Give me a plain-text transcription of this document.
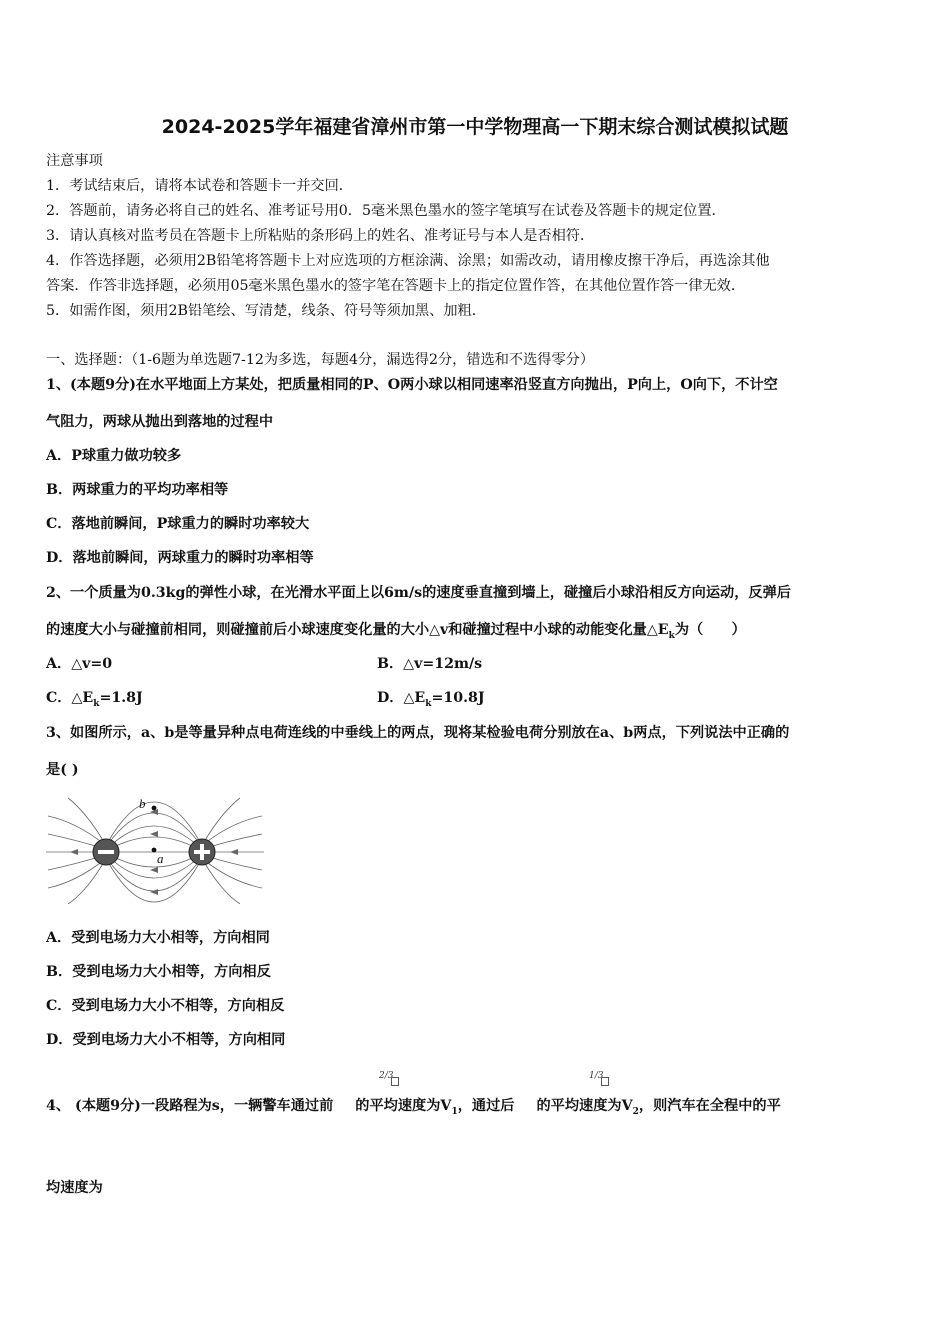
2024-2025学年福建省漳州市第一中学物理高一下期末综合测试模拟试题
注意事项
1．考试结束后，请将本试卷和答题卡一并交回．
2．答题前，请务必将自己的姓名、准考证号用0．5毫米黑色墨水的签字笔填写在试卷及答题卡的规定位置．
3．请认真核对监考员在答题卡上所粘贴的条形码上的姓名、准考证号与本人是否相符．
4．作答选择题，必须用2B铅笔将答题卡上对应选项的方框涂满、涂黑；如需改动，请用橡皮擦干净后，再选涂其他
答案．作答非选择题，必须用05毫米黑色墨水的签字笔在答题卡上的指定位置作答，在其他位置作答一律无效．
5．如需作图，须用2B铅笔绘、写清楚，线条、符号等须加黑、加粗．
一、选择题：（1-6题为单选题7-12为多选，每题4分，漏选得2分，错选和不选得零分）
1、(本题9分)在水平地面上方某处，把质量相同的P、O两小球以相同速率沿竖直方向抛出，P向上，O向下，不计空
气阻力，两球从抛出到落地的过程中
A．P球重力做功较多
B．两球重力的平均功率相等
C．落地前瞬间，P球重力的瞬时功率较大
D．落地前瞬间，两球重力的瞬时功率相等
2、一个质量为0.3kg的弹性小球，在光滑水平面上以6m/s的速度垂直撞到墙上，碰撞后小球沿相反方向运动，反弹后
的速度大小与碰撞前相同，则碰撞前后小球速度变化量的大小△v和碰撞过程中小球的动能变化量$\triangle E_k$为（　　）
A．△v=0	B．△v=12m/s
C．$\triangle E_k=1.8J$	D．$\triangle E_k=10.8J$
3、如图所示，a、b是等量异种点电荷连线的中垂线上的两点，现将某检验电荷分别放在a、b两点，下列说法中正确的
是( )
b
a
A．受到电场力大小相等，方向相同
B．受到电场力大小相等，方向相反
C．受到电场力大小不相等，方向相反
D．受到电场力大小不相等，方向相同
4、 (本题9分)一段路程为s，一辆警车通过前 的平均速度为$V_1$，通过后 的平均速度为$V_2$，则汽车在全程中的平
2/3	1/3
均速度为
